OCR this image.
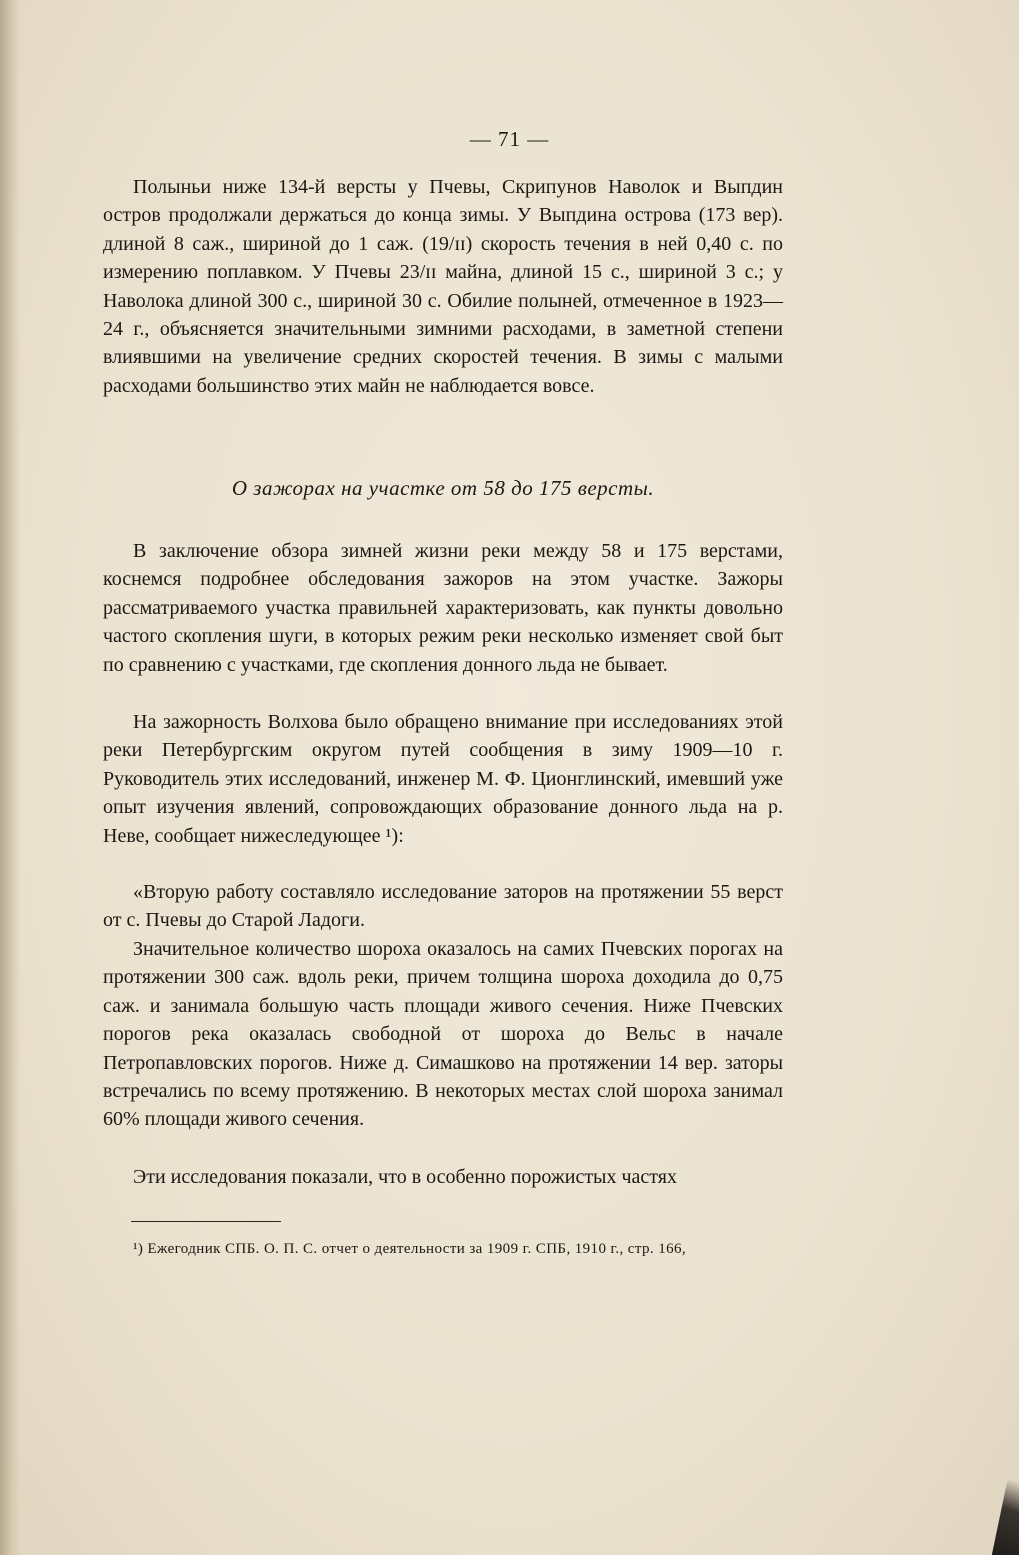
— 71 —

Полыньи ниже 134-й версты у Пчевы, Скрипунов Наволок и Выпдин остров продолжали держаться до конца зимы. У Выпдина острова (173 вер). длиной 8 саж., шириной до 1 саж. (19/ɪɪ) скорость течения в ней 0,40 с. по измерению поплавком. У Пчевы 23/ɪɪ майна, длиной 15 с., шириной 3 с.; у Наволока длиной 300 с., шириной 30 с. Обилие полыней, отмеченное в 1923—24 г., объясняется значительными зимними расходами, в заметной степени влиявшими на увеличение средних скоростей течения. В зимы с малыми расходами большинство этих майн не наблюдается вовсе.

О зажорах на участке от 58 до 175 версты.

В заключение обзора зимней жизни реки между 58 и 175 верстами, коснемся подробнее обследования зажоров на этом участке. Зажоры рассматриваемого участка правильней характеризовать, как пункты довольно частого скопления шуги, в которых режим реки несколько изменяет свой быт по сравнению с участками, где скопления донного льда не бывает.

На зажорность Волхова было обращено внимание при исследованиях этой реки Петербургским округом путей сообщения в зиму 1909—10 г. Руководитель этих исследований, инженер М. Ф. Ционглинский, имевший уже опыт изучения явлений, сопровождающих образование донного льда на р. Неве, сообщает нижеследующее ¹):

«Вторую работу составляло исследование заторов на протяжении 55 верст от с. Пчевы до Старой Ладоги.

Значительное количество шороха оказалось на самих Пчевских порогах на протяжении 300 саж. вдоль реки, причем толщина шороха доходила до 0,75 саж. и занимала большую часть площади живого сечения. Ниже Пчевских порогов река оказалась свободной от шороха до Вельс в начале Петропавловских порогов. Ниже д. Симашково на протяжении 14 вер. заторы встречались по всему протяжению. В некоторых местах слой шороха занимал 60% площади живого сечения.

Эти исследования показали, что в особенно порожистых частях

¹) Ежегодник СПБ. О. П. С. отчет о деятельности за 1909 г. СПБ, 1910 г., стр. 166,
